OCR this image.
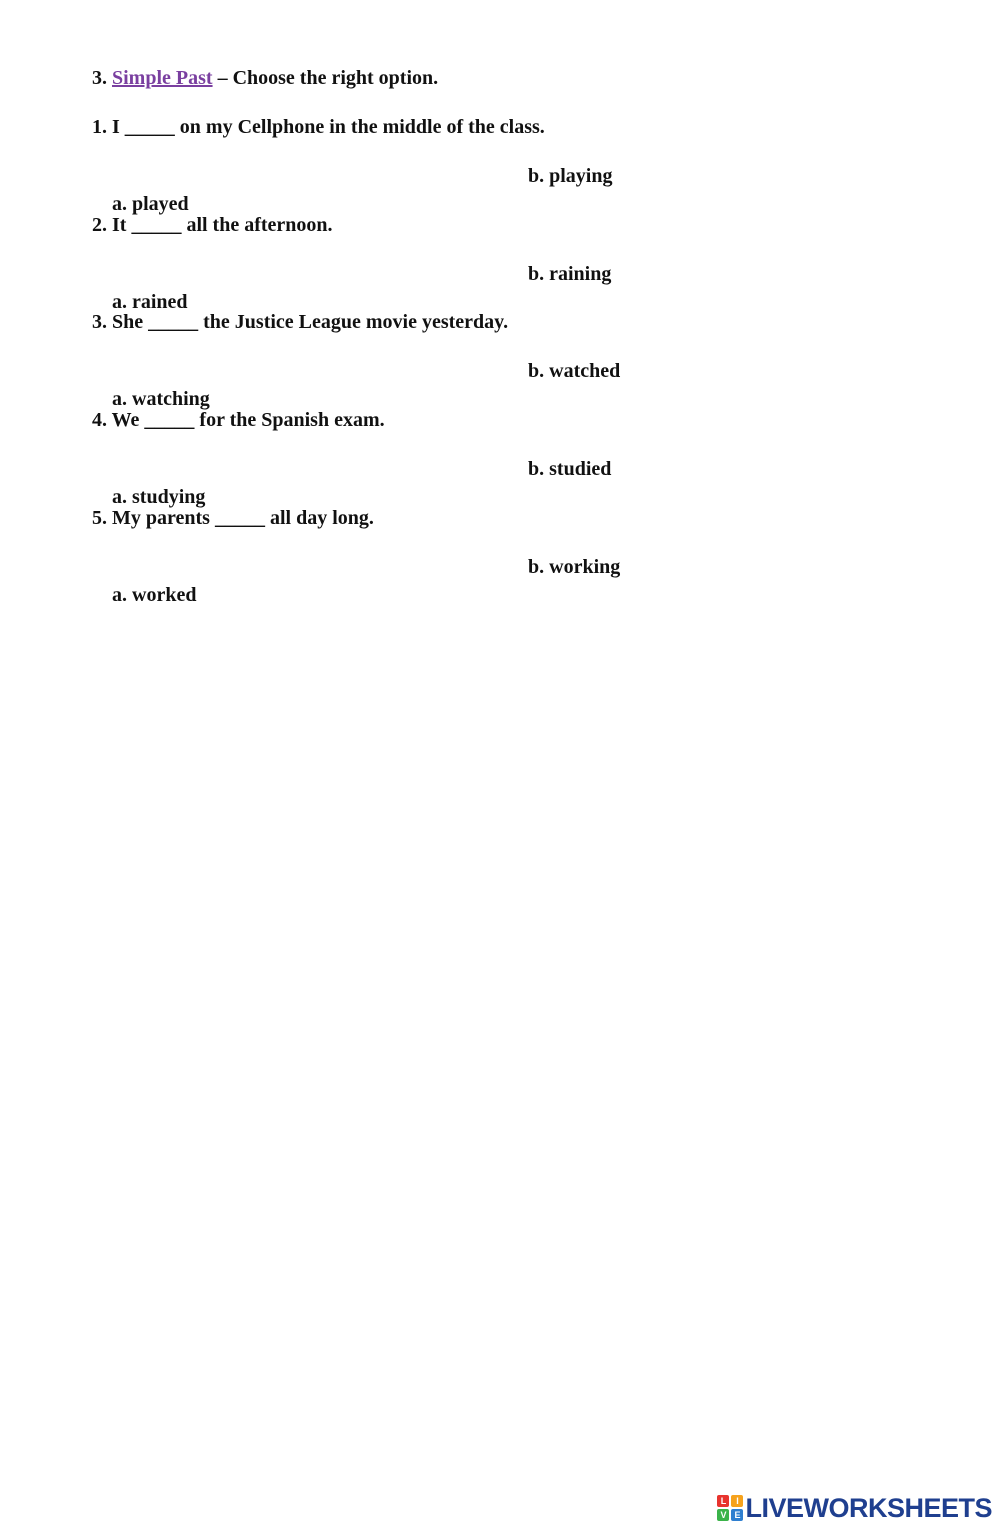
3. Simple Past – Choose the right option.
1. I _____ on my Cellphone in the middle of the class.

a. played

b. playing

2. It _____ all the afternoon.

a. rained

b. raining

3. She _____ the Justice League movie yesterday.

a. watching

b. watched

4. We _____ for the Spanish exam.

a. studying

b. studied

5. My parents _____ all day long.

a. worked

b. working

L	I
V E LIVEWORKSHEETS
